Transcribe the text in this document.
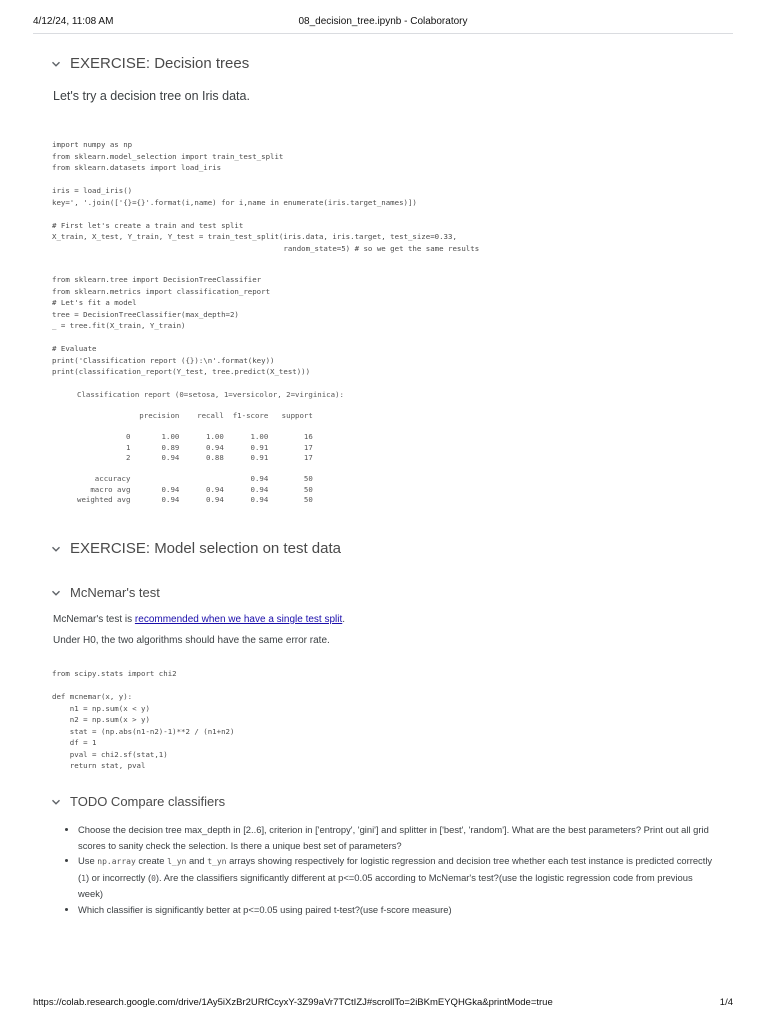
4/12/24, 11:08 AM	08_decision_tree.ipynb - Colaboratory
EXERCISE: Decision trees
Let's try a decision tree on Iris data.
import numpy as np
from sklearn.model_selection import train_test_split
from sklearn.datasets import load_iris

iris = load_iris()
key=', '.join(['{}={}'.format(i,name) for i,name in enumerate(iris.target_names)])

# First let's create a train and test split
X_train, X_test, Y_train, Y_test = train_test_split(iris.data, iris.target, test_size=0.33,
random_state=5) # so we get the same results
from sklearn.tree import DecisionTreeClassifier
from sklearn.metrics import classification_report
# Let's fit a model
tree = DecisionTreeClassifier(max_depth=2)
_ = tree.fit(X_train, Y_train)

# Evaluate
print('Classification report ({}):\n'.format(key))
print(classification_report(Y_test, tree.predict(X_test)))
Classification report (0=setosa, 1=versicolor, 2=virginica):

precision    recall  f1-score   support

0       1.00      1.00      1.00        16
1       0.89      0.94      0.91        17
2       0.94      0.88      0.91        17

accuracy                           0.94        50
macro avg       0.94      0.94      0.94        50
weighted avg       0.94      0.94      0.94        50
EXERCISE: Model selection on test data
McNemar's test
McNemar's test is recommended when we have a single test split.
Under H0, the two algorithms should have the same error rate.
from scipy.stats import chi2

def mcnemar(x, y):
n1 = np.sum(x < y)
n2 = np.sum(x > y)
stat = (np.abs(n1-n2)-1)**2 / (n1+n2)
df = 1
pval = chi2.sf(stat,1)
return stat, pval
TODO Compare classifiers
• Choose the decision tree max_depth in [2..6], criterion in ['entropy', 'gini'] and splitter in ['best', 'random']. What are the best parameters? Print out all grid scores to sanity check the selection. Is there a unique best set of parameters?
• Use np.array create l_yn and t_yn arrays showing respectively for logistic regression and decision tree whether each test instance is predicted correctly (1) or incorrectly (0). Are the classifiers significantly different at p<=0.05 according to McNemar's test?(use the logistic regression code from previous week)
• Which classifier is significantly better at p<=0.05 using paired t-test?(use f-score measure)
https://colab.research.google.com/drive/1Ay5iXzBr2URfCcyxY-3Z99aVr7TCtIZJ#scrollTo=2iBKmEYQHGka&printMode=true	1/4
